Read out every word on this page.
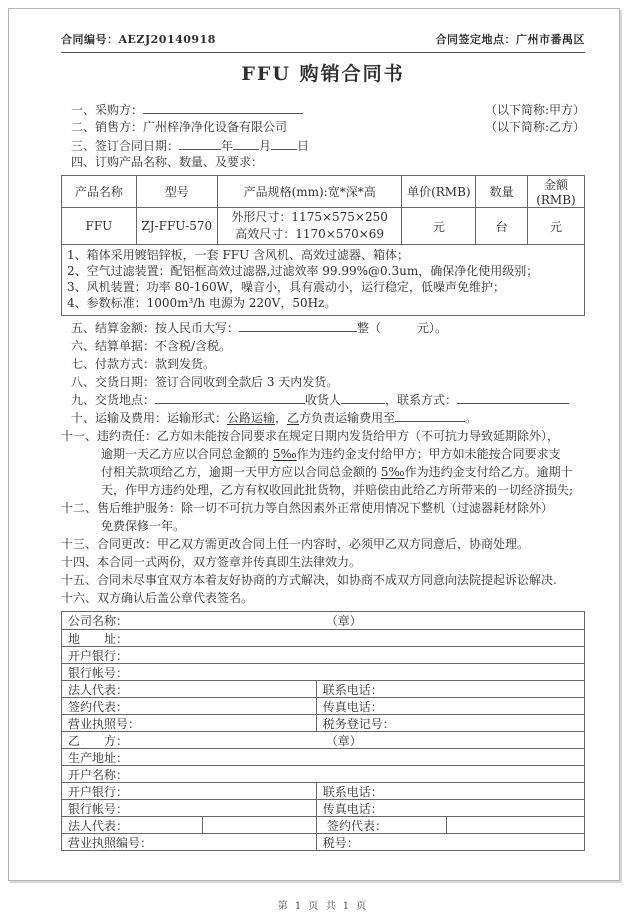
合同编号：AEZJ20140918	合同签定地点：广州市番禺区
FFU 购销合同书
一、采购方：	（以下简称:甲方）
二、销售方：广州梓净净化设备有限公司	（以下简称:乙方）
三、签订合同日期：	年 月 日
四、订购产品名称、数量、及要求：
产品名称	型号	产品规格(mm):宽*深*高	单价(RMB)	数量	金额(RMB)
FFU	ZJ-FFU-570	外形尺寸：1175×575×250
高效尺寸：1170×570×69	元	台	元

1、箱体采用镀铝锌板，一套 FFU 含风机、高效过滤器、箱体；
2、空气过滤装置：配铝框高效过滤器,过滤效率 99.99%@0.3um，确保净化使用级别；
3、风机装置：功率 80-160W，噪音小，具有震动小，运行稳定，低噪声免维护；
4、参数标准：1000m³/h 电源为 220V，50Hz。					
五、结算金额：按人民币大写：	整（　　　	元）。
六、结算单据：不含税/含税。
七、付款方式：款到发货。
八、交货日期：签订合同收到全款后 3 天内发货。
九、交货地点：	收货人	，联系方式：
十、运输及费用：运输形式：公路运输，乙方负责运输费用至	。
十一、违约责任：乙方如未能按合同要求在规定日期内发货给甲方（不可抗力导致延期除外），
逾期一天乙方应以合同总金额的 5‰作为违约金支付给甲方；甲方如未能按合同要求支
付相关款项给乙方，逾期一天甲方应以合同总金额的 5‰作为违约金支付给乙方。逾期十
天，作甲方违约处理，乙方有权收回此批货物，并赔偿由此给乙方所带来的一切经济损失;
十二、售后维护服务：除一切不可抗力等自然因素外正常使用情况下整机（过滤器耗材除外）
免费保修一年。
十三、合同更改：甲乙双方需更改合同上任一内容时，必须甲乙双方同意后，协商处理。
十四、本合同一式两份，双方签章并传真即生法律效力。
十五、合同未尽事宜双方本着友好协商的方式解决，如协商不成双方同意向法院提起诉讼解决.
十六、双方确认后盖公章代表签名。
公司名称：	（章）
地　　址：
开户银行：
银行帐号：
法人代表：	联系电话：
签约代表：	传真电话：
营业执照号：	税务登记号：
乙　　方：	（章）
生产地址：
开户名称：
开户银行：	联系电话：
银行帐号：	传真电话：
法人代表：	签约代表：
营业执照编号：	税号：
第 1 页 共 1 页
